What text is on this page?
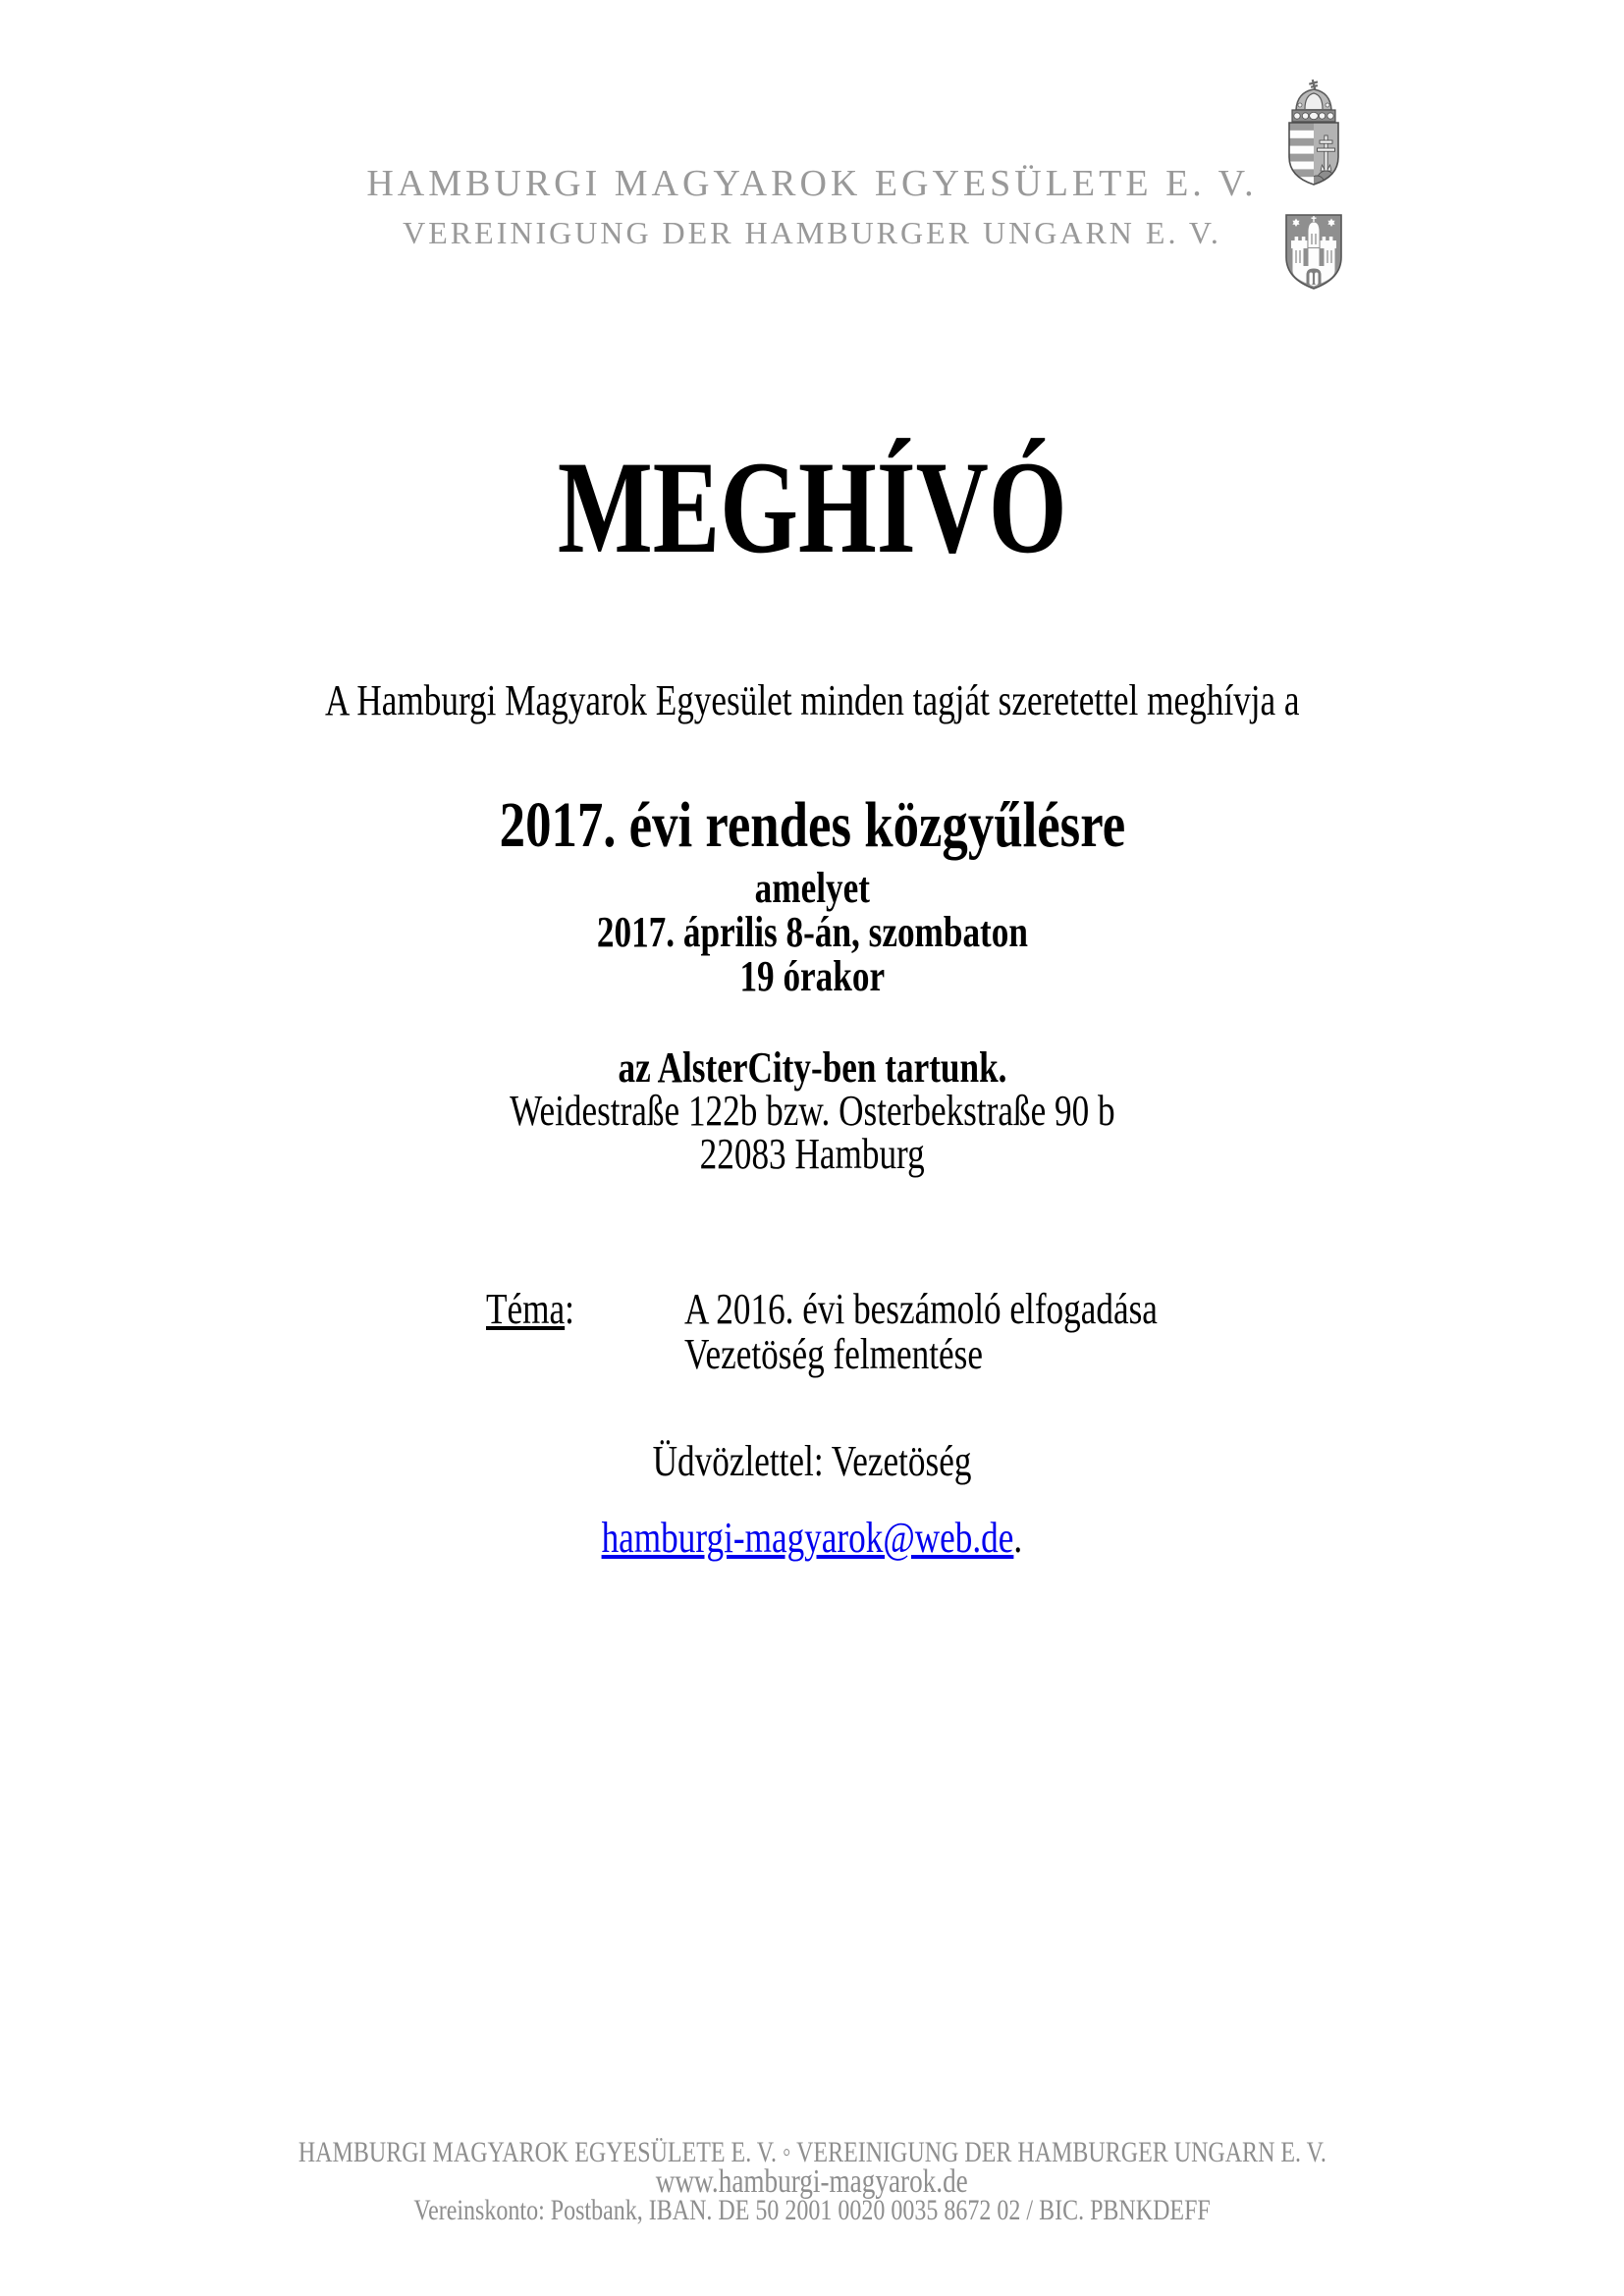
HAMBURGI MAGYAROK EGYESÜLETE E. V.
VEREINIGUNG DER HAMBURGER UNGARN E. V.
MEGHÍVÓ
A Hamburgi Magyarok Egyesület minden tagját szeretettel meghívja a
2017. évi rendes közgyűlésre
amelyet
2017. április 8-án, szombaton
19 órakor
az AlsterCity-ben tartunk.
Weidestraße 122b bzw. Osterbekstraße 90 b
22083 Hamburg
Téma:	A 2016. évi beszámoló elfogadása
Vezetöség felmentése
Üdvözlettel: Vezetöség
hamburgi-magyarok@web.de.
HAMBURGI MAGYAROK EGYESÜLETE E. V. ◦ VEREINIGUNG DER HAMBURGER UNGARN E. V.
www.hamburgi-magyarok.de
Vereinskonto: Postbank, IBAN. DE 50 2001 0020 0035 8672 02 / BIC. PBNKDEFF
